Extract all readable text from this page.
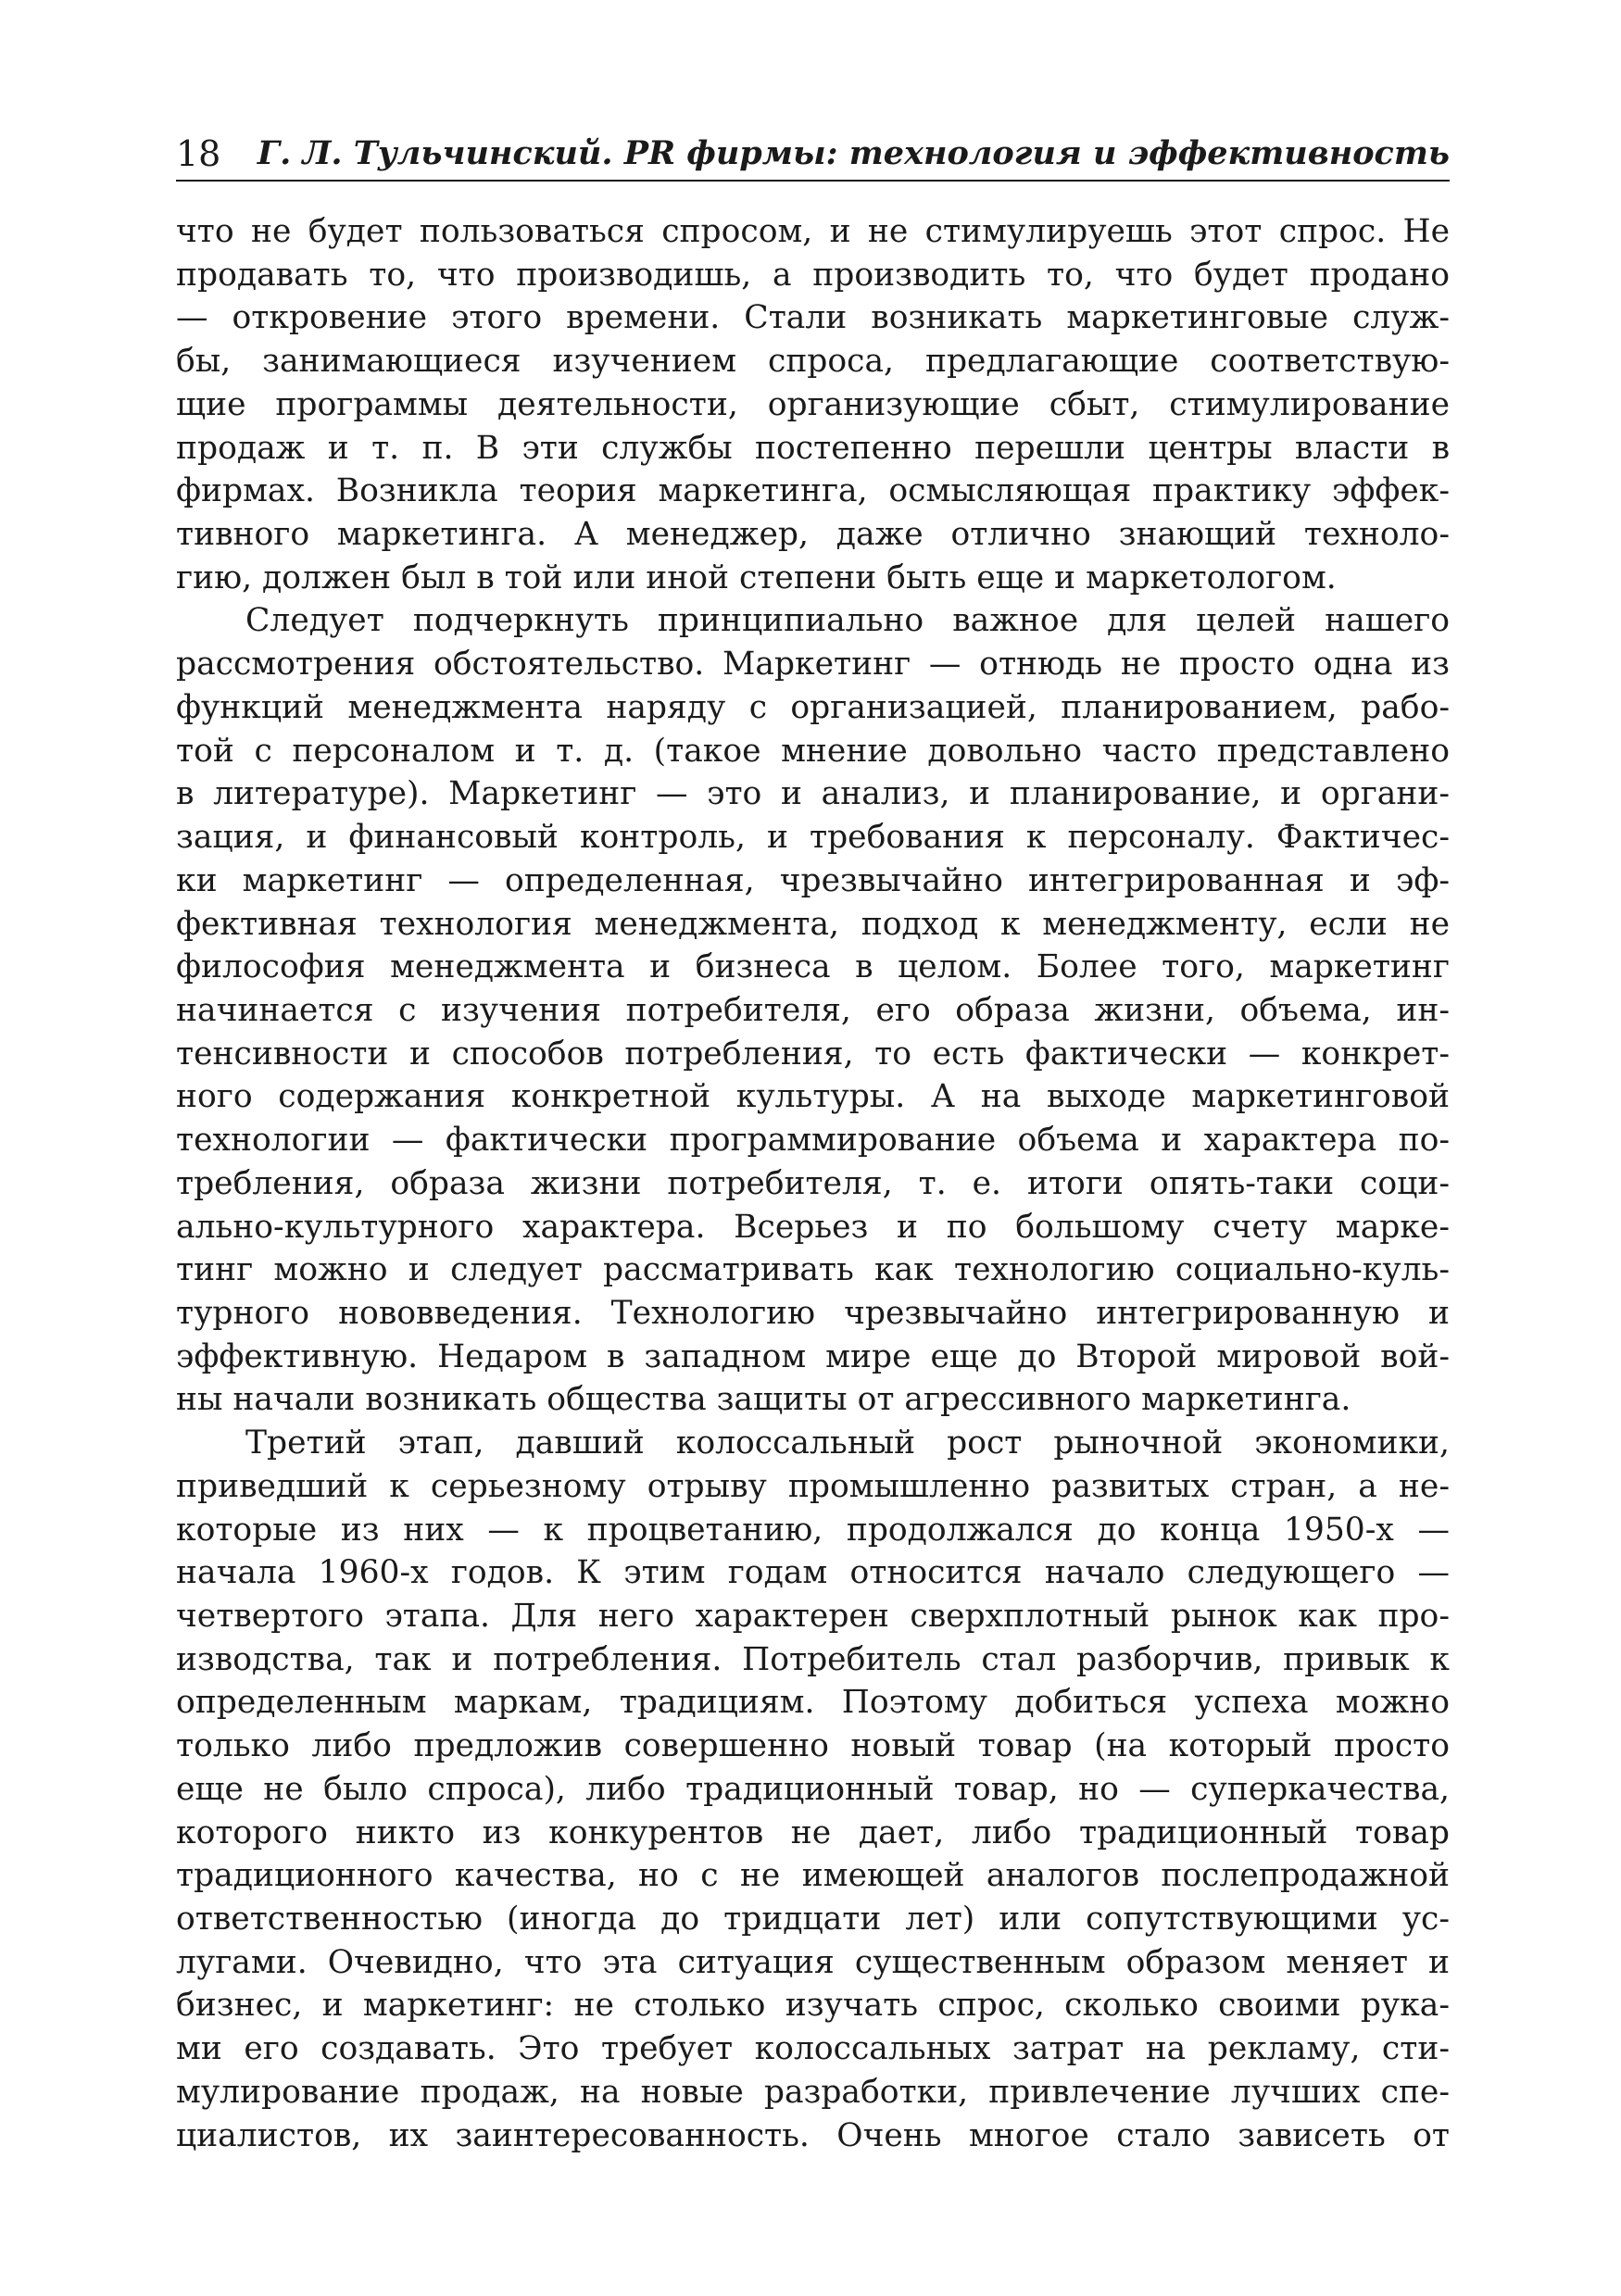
18 Г. Л. Тульчинский. PR фирмы: технология и эффективность
что не будет пользоваться спросом, и не стимулируешь этот спрос. Не
продавать то, что производишь, а производить то, что будет продано
— откровение этого времени. Стали возникать маркетинговые служ-
бы, занимающиеся изучением спроса, предлагающие соответствую-
щие программы деятельности, организующие сбыт, стимулирование
продаж и т. п. В эти службы постепенно перешли центры власти в
фирмах. Возникла теория маркетинга, осмысляющая практику эффек-
тивного маркетинга. А менеджер, даже отлично знающий техноло-
гию, должен был в той или иной степени быть еще и маркетологом.
Следует подчеркнуть принципиально важное для целей нашего
рассмотрения обстоятельство. Маркетинг — отнюдь не просто одна из
функций менеджмента наряду с организацией, планированием, рабо-
той с персоналом и т. д. (такое мнение довольно часто представлено
в литературе). Маркетинг — это и анализ, и планирование, и органи-
зация, и финансовый контроль, и требования к персоналу. Фактичес-
ки маркетинг — определенная, чрезвычайно интегрированная и эф-
фективная технология менеджмента, подход к менеджменту, если не
философия менеджмента и бизнеса в целом. Более того, маркетинг
начинается с изучения потребителя, его образа жизни, объема, ин-
тенсивности и способов потребления, то есть фактически — конкрет-
ного содержания конкретной культуры. А на выходе маркетинговой
технологии — фактически программирование объема и характера по-
требления, образа жизни потребителя, т. е. итоги опять-таки соци-
ально-культурного характера. Всерьез и по большому счету марке-
тинг можно и следует рассматривать как технологию социально-куль-
турного нововведения. Технологию чрезвычайно интегрированную и
эффективную. Недаром в западном мире еще до Второй мировой вой-
ны начали возникать общества защиты от агрессивного маркетинга.
Третий этап, давший колоссальный рост рыночной экономики,
приведший к серьезному отрыву промышленно развитых стран, а не-
которые из них — к процветанию, продолжался до конца 1950-х —
начала 1960-х годов. К этим годам относится начало следующего —
четвертого этапа. Для него характерен сверхплотный рынок как про-
изводства, так и потребления. Потребитель стал разборчив, привык к
определенным маркам, традициям. Поэтому добиться успеха можно
только либо предложив совершенно новый товар (на который просто
еще не было спроса), либо традиционный товар, но — суперкачества,
которого никто из конкурентов не дает, либо традиционный товар
традиционного качества, но с не имеющей аналогов послепродажной
ответственностью (иногда до тридцати лет) или сопутствующими ус-
лугами. Очевидно, что эта ситуация существенным образом меняет и
бизнес, и маркетинг: не столько изучать спрос, сколько своими рука-
ми его создавать. Это требует колоссальных затрат на рекламу, сти-
мулирование продаж, на новые разработки, привлечение лучших спе-
циалистов, их заинтересованность. Очень многое стало зависеть от
